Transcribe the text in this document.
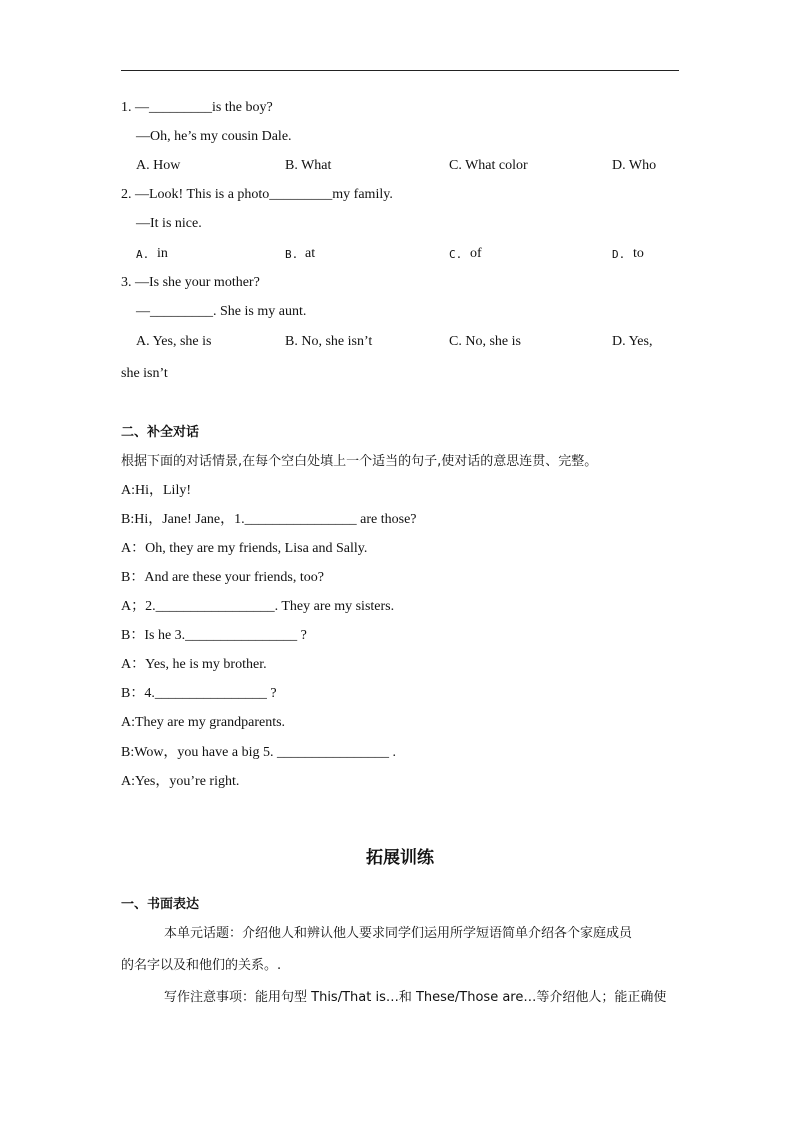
1. —_________is the boy?
—Oh, he’s my cousin Dale.
A. How	B. What	C. What color	D. Who
2. —Look! This is a photo_________my family.
—It is nice.
A. in	B. at	C. of	D. to
3. —Is she your mother?
—_________. She is my aunt.
A. Yes, she is	B. No, she isn’t	C. No, she is	D. Yes,
she isn’t
二、补全对话
根据下面的对话情景,在每个空白处填上一个适当的句子,使对话的意思连贯、完整。
A:Hi，Lily!
B:Hi，Jane! Jane，1.________________ are those?
A：Oh, they are my friends, Lisa and Sally.
B：And are these your friends, too?
A；2._________________. They are my sisters.
B：Is he 3.________________ ?
A：Yes, he is my brother.
B：4.________________ ?
A:They are my grandparents.
B:Wow，you have a big 5. ________________ .
A:Yes，you’re right.
拓展训练
一、书面表达
本单元话题：介绍他人和辨认他人要求同学们运用所学短语简单介绍各个家庭成员
的名字以及和他们的关系。.
写作注意事项：能用句型 This/That is…和 These/Those are…等介绍他人；能正确使
